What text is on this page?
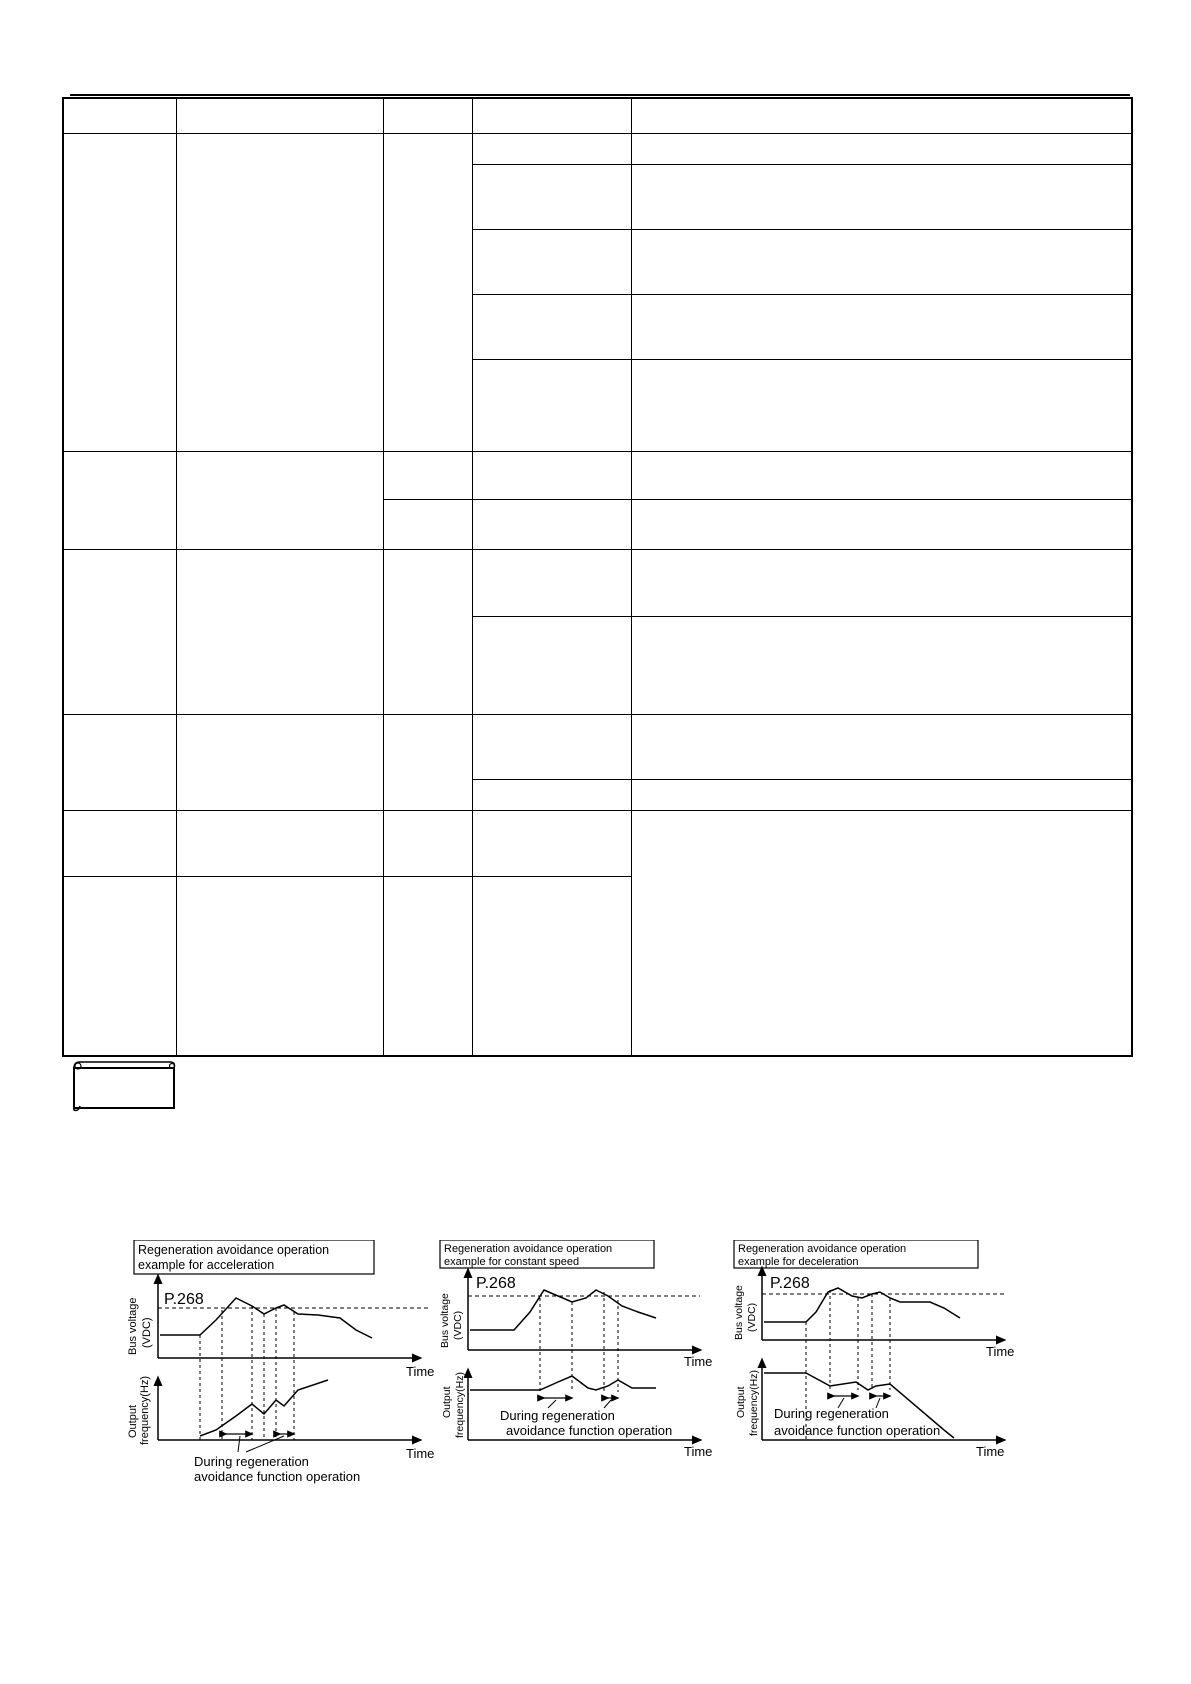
Regeneration avoidance operation
example for acceleration
Bus voltage (VDC)
P.268
Time
Output frequency(Hz)
Time
During regeneration
avoidance function operation
Regeneration avoidance operation
example for constant speed
Bus voltage (VDC)
P.268
Time
Output frequency(Hz)
Time
During regeneration
avoidance function operation
Regeneration avoidance operation
example for deceleration
Bus voltage (VDC)
P.268
Time
Output frequency(Hz)
Time
During regeneration
avoidance function operation
